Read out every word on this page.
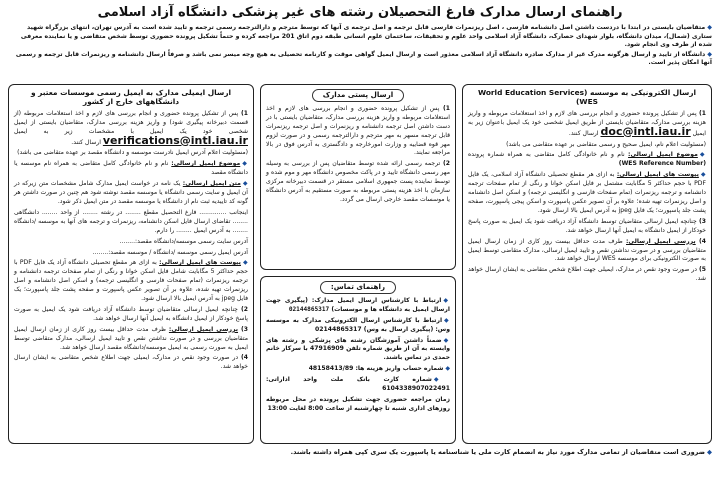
راهنمای ارسال مدارک فارغ التحصیلان رشته های غیر پزشکی دانشگاه آزاد اسلامی

◆متقاضیان بایستی در ابتدا با دردست داشتن اصل دانشنامه فارسی ، اصل ریزنمرات فارسی قابل ترجمه و اصل ترجمه ی آنها که توسط مترجم و دارالترجمه رسمی ترجمه و تایید شده است به آدرس تهران، انتهای بزرگراه شهید ستاری (شمال)، میدان دانشگاه، بلوار شهدای حصارک، دانشگاه آزاد اسلامی واحد علوم و تحقیقات، ساختمان علوم انسانی طبقه دوم اتاق 201 مراجعه کرده و حتماً تشکیل پرونده حضوری توسط شخص متقاضی و یا نماینده معرفی شده از طرف وی انجام شود.

◆دانشگاه از تایید و ارسال هرگونه مدرک غیر از مدارک صادره دانشگاه آزاد اسلامی معذور است و ارسال ایمیل گواهی موقت و کارنامه تحصیلی به هیچ وجه میسر نمی باشد و صرفاً ارسال دانشنامه و ریزنمرات قابل ترجمه و رسمی آنها امکان پذیر است.

ارسال الکترونیکی به موسسه (World Education Services (WES

1) پس از تشکیل پرونده حضوری و انجام بررسی های لازم و اخذ استعلامات مربوطه و واریز هزینه بررسی مدارک، متقاضیان بایستی از طریق ایمیل شخصی خود یک ایمیل باعنوان زیر به ایمیل doc@intl.iau.ir ارسال کنند.

(مسئولیت اعلام نام، ایمیل صحیح و رسمی متقاضی بر عهده متقاضی می باشد)

◆موضوع ایمیل ارسالی: نام و نام خانوادگی کامل متقاضی به همراه شماره پرونده (WES Reference Number)

◆پیوست های ایمیل ارسالی: به ازای هر مقطع تحصیلی دانشگاه آزاد اسلامی، یک فایل PDF با حجم حداکثر 5 مگابایت مشتمل بر فایل اسکن خوانا و رنگی از تمام صفحات ترجمه دانشنامه و ترجمه ریزنمرات (تمام صفحات فارسی و انگلیسی ترجمه) و اسکن اصل دانشنامه و اصل ریزنمرات تهیه شده؛ علاوه بر آن تصویر عکس پاسپورت و اسکن پیجی پاسپورت، صفحه پشت جلد پاسپورت؛ یک فایل jpeg به آدرس ایمیل بالا ارسال شود.

3) چنانچه ایمیل ارسالی متقاضیان توسط دانشگاه آزاد دریافت شود یک ایمیل به صورت پاسخ خودکار از ایمیل دانشگاه به ایمیل آنها ارسال خواهد شد.

4) بررسی ایمیل ارسالی: طرف مدت حداقل بیست روز کاری از زمان ارسال ایمیل متقاضیان بررسی و در صورت نداشتن نقص و تایید ایمیل ارسالی، مدارک متقاضی توسط ایمیل به صورت الکترونیکی برای موسسه WES ارسال خواهد شد.

5) در صورت وجود نقص در مدارک، ایمیلی جهت اطلاع شخص متقاضی به ایشان ارسال خواهد شد.

ارسال پستی مدارک

1) پس از تشکیل پرونده حضوری و انجام بررسی های لازم و اخذ استعلامات مربوطه و واریز هزینه بررسی مدارک، متقاضیان بایستی با در دست داشتن اصل ترجمه دانشنامه و ریزنمرات و اصل ترجمه ریزنمرات قابل ترجمه مسهر به مهر مترجم و دارالترجمه رسمی و در صورت لزوم مهر قوه قضاییه و وزارت امورخارجه و دادگستری به آدرس فوق در بالا مراجعه نمایند.

2) ترجمه رسمی ارائه شده توسط متقاضیان پس از بررسی به وسیله مهر رسمی دانشگاه تایید و در پاکت مخصوص دانشگاه مهر و موم شده و توسط نماینده پست جمهوری اسلامی مستقر در قسمت دبیرخانه مرکزی سازمان با اخذ هزینه پستی مربوطه به صورت مستقیم به آدرس دانشگاه یا موسسات مقصد خارجی ارسال می گردد.

راهنمای تماس:

◆ارتباط با کارشناس ارسال ایمیل مدارک: (پیگیری جهت ارسال ایمیل به دانشگاه ها و موسسات) 02144865317

◆ارتباط با کارشناس ارسال الکترونیکی مدارک به موسسه وس: (پیگیری ارسال به وس) 02144865317

◆ضمناً داشتن آموزشگان رشته های پزشکی و رشته های وابسته به آن از طریق شماره تلفن 47916909 با سرکار خانم حمدی در تماس باشند.

◆شماره حساب واریز هزینه ها: 48158413/89

◆شماره کارت بانک ملت واحد اداراتی: 6104338907022491

زمان مراجعه حضوری جهت تشکیل پرونده در محل مربوطه روزهای اداری شنبه تا چهارشنبه از ساعت 8:00 لغایت 13:00

ارسال ایمیلی مدارک به ایمیل رسمی موسسات معتبر و دانشگاههای خارج از کشور

1) پس از تشکیل پرونده حضوری و انجام بررسی های لازم و اخذ استعلامات مربوطه (از قسمت دبیرخانه پیگیری شود) و واریز هزینه بررسی مدارک، متقاضیان بایستی از ایمیل شخصی خود یک ایمیل با مشخصات زیر به ایمیل verifications@intl.iau.ir ارسال کنند.

(مسئولیت اعلام آدرس ایمیل نادرست موسسه و دانشگاه مقصد بر عهده متقاضی می باشد)

◆موضوع ایمیل ارسالی: نام و نام خانوادگی کامل متقاضی به همراه نام موسسه یا دانشگاه مقصد

◆متن ایمیل ارسالی: یک نامه در خواست ایمیل مدارک شامل مشخصات متن زیرکه در آن ایمیل و سایت رسمی دانشگاه یا موسسه مقصد نوشته شود هم چنین در صورت داشتن هر گونه کد تاییدیه ثبت نام از دانشگاه یا موسسه مقصد در متن ایمیل ذکر شود.

اینجانب .............. فارغ التحصیل مقطع ........ در رشته ........ از واحد ........ دانشگاهی ........ تقاضای ارسال فایل اسکن دانشنامه، ریزنمرات و ترجمه های آنها به موسسه /دانشگاه ........ به آدرس ایمیل ........ را دارم.

آدرس سایت رسمی موسسه/دانشگاه مقصد:........

آدرس ایمیل رسمی موسسه /دانشگاه / موسسه مقصد:........

◆پیوست های ایمیل ارسالی: به ازای هر مقطع تحصیلی دانشگاه آزاد یک فایل PDF با حجم حداکثر 5 مگابایت شامل فایل اسکن خوانا و رنگی از تمام صفحات ترجمه دانشنامه و ترجمه ریزنمرات (تمام صفحات فارسی و انگلیسی ترجمه) و اسکن اصل دانشنامه و اصل ریزنمرات تهیه شده، علاوه بر آن تصویر عکس پاسپورت و صفحه پشت جلد پاسپورت؛ یک فایل jpeg به آدرس ایمیل بالا ارسال شود.

2) چنانچه ایمیل ارسالی متقاضیان توسط دانشگاه آزاد دریافت شود یک ایمیل به صورت پاسخ خودکار از ایمیل دانشگاه به ایمیل آنها ارسال خواهد شد.

3) بررسی ایمیل ارسالی: ظرف مدت حداقل بیست روز کاری از زمان ارسال ایمیل متقاضیان بررسی و در صورت نداشتن نقص و تایید ایمیل ارسالی، مدارک متقاضی توسط ایمیل به صورت رسمی به ایمیل موسسه/دانشگاه مقصد ارسال خواهد شد.

4) در صورت وجود نقص در مدارک، ایمیلی جهت اطلاع شخص متقاضی به ایشان ارسال خواهد شد.

◆ضروری است متقاضیان از تمامی مدارک مورد نیاز به انضمام کارت ملی یا شناسنامه یا پاسپورت یک سری کپی همراه داشته باشند.
